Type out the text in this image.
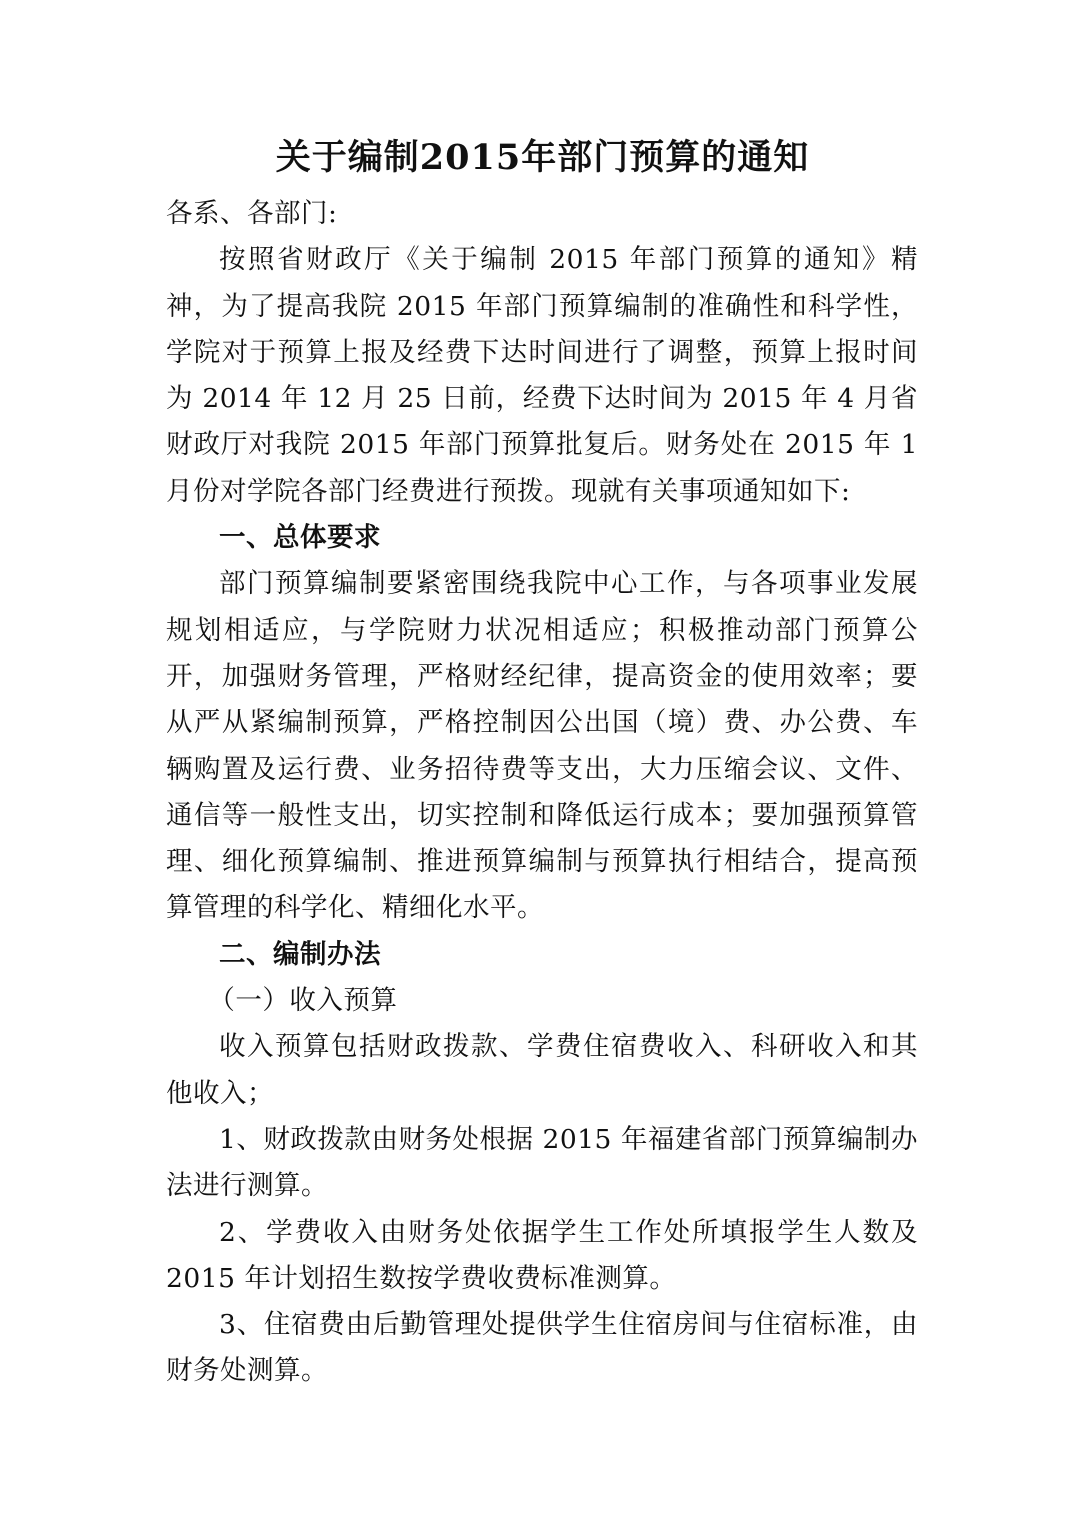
关于编制2015年部门预算的通知

各系、各部门:

按照省财政厅《关于编制 2015 年部门预算的通知》精神，为了提高我院 2015 年部门预算编制的准确性和科学性，学院对于预算上报及经费下达时间进行了调整，预算上报时间为 2014 年 12 月 25 日前，经费下达时间为 2015 年 4 月省财政厅对我院 2015 年部门预算批复后。财务处在 2015 年 1 月份对学院各部门经费进行预拨。现就有关事项通知如下:

一、总体要求

部门预算编制要紧密围绕我院中心工作，与各项事业发展规划相适应，与学院财力状况相适应；积极推动部门预算公开，加强财务管理，严格财经纪律，提高资金的使用效率；要从严从紧编制预算，严格控制因公出国（境）费、办公费、车辆购置及运行费、业务招待费等支出，大力压缩会议、文件、通信等一般性支出，切实控制和降低运行成本；要加强预算管理、细化预算编制、推进预算编制与预算执行相结合，提高预算管理的科学化、精细化水平。

二、编制办法

（一）收入预算

收入预算包括财政拨款、学费住宿费收入、科研收入和其他收入；

1、财政拨款由财务处根据 2015 年福建省部门预算编制办法进行测算。

2、学费收入由财务处依据学生工作处所填报学生人数及 2015 年计划招生数按学费收费标准测算。

3、住宿费由后勤管理处提供学生住宿房间与住宿标准，由财务处测算。
